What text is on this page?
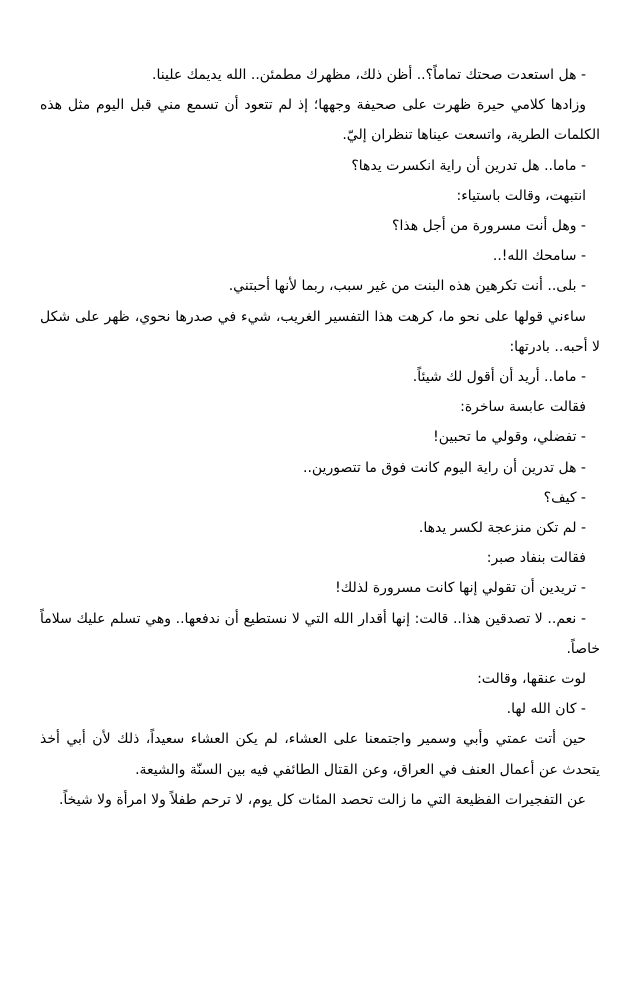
- هل استعدت صحتك تماماً؟.. أظن ذلك، مظهرك مطمئن.. الله يديمك علينا.

وزادها كلامي حيرة ظهرت على صحيفة وجهها؛ إذ لم تتعود أن تسمع مني قبل اليوم مثل هذه الكلمات الطرية، واتسعت عيناها تنظران إليّ.

- ماما.. هل تدرين أن راية انكسرت يدها؟

انتبهت، وقالت باستياء:

- وهل أنت مسرورة من أجل هذا؟

- سامحك الله!..

- بلى.. أنت تكرهين هذه البنت من غير سبب، ربما لأنها أحبتني.

ساءني قولها على نحو ما، كرهت هذا التفسير الغريب، شيء في صدرها نحوي، ظهر على شكل لا أحبه.. بادرتها:

- ماما.. أريد أن أقول لك شيئاً.

فقالت عابسة ساخرة:

- تفضلي، وقولي ما تحبين!

- هل تدرين أن راية اليوم كانت فوق ما تتصورين..

- كيف؟

- لم تكن منزعجة لكسر يدها.

فقالت بنفاد صبر:

- تريدين أن تقولي إنها كانت مسرورة لذلك!

- نعم.. لا تصدقين هذا.. قالت: إنها أقدار الله التي لا نستطيع أن ندفعها.. وهي تسلم عليك سلاماً خاصاً.

لوت عنقها، وقالت:

- كان الله لها.

حين أتت عمتي وأبي وسمير واجتمعنا على العشاء، لم يكن العشاء سعيداً، ذلك لأن أبي أخذ يتحدث عن أعمال العنف في العراق، وعن القتال الطائفي فيه بين السنّة والشيعة.

عن التفجيرات الفظيعة التي ما زالت تحصد المئات كل يوم، لا ترحم طفلاً ولا امرأة ولا شيخاً.
